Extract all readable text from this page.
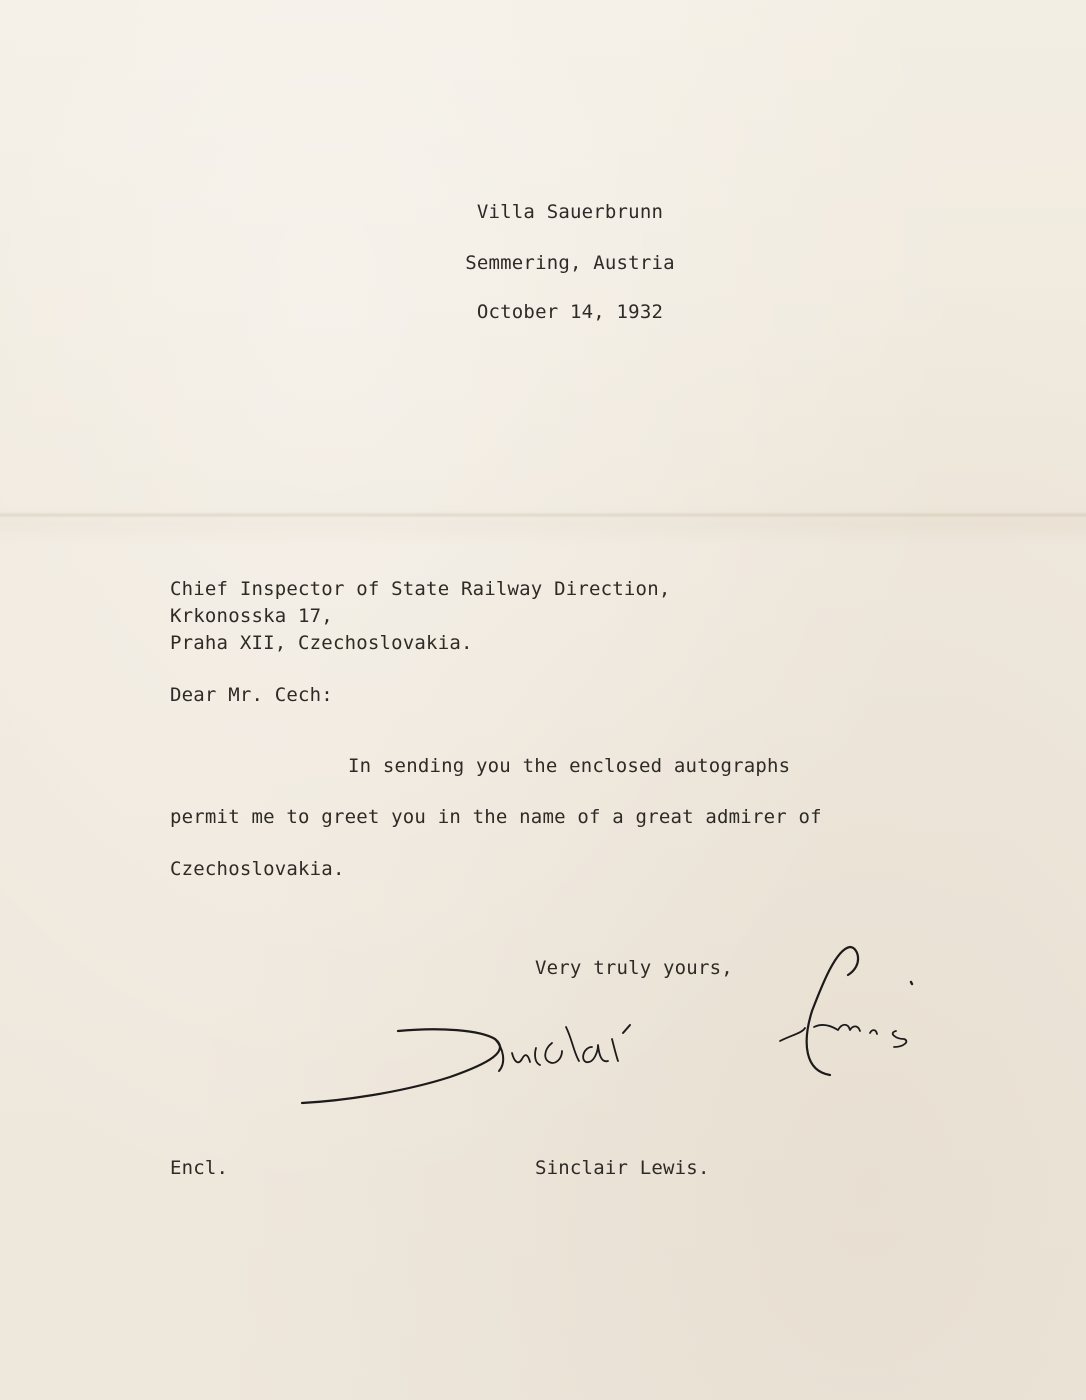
Villa Sauerbrunn
Semmering, Austria
October 14, 1932
Chief Inspector of State Railway Direction,
Krkonosska 17,
Praha XII, Czechoslovakia.
Dear Mr. Cech:
In sending you the enclosed autographs
permit me to greet you in the name of a great admirer of
Czechoslovakia.
Very truly yours,
Encl.	Sinclair Lewis.
